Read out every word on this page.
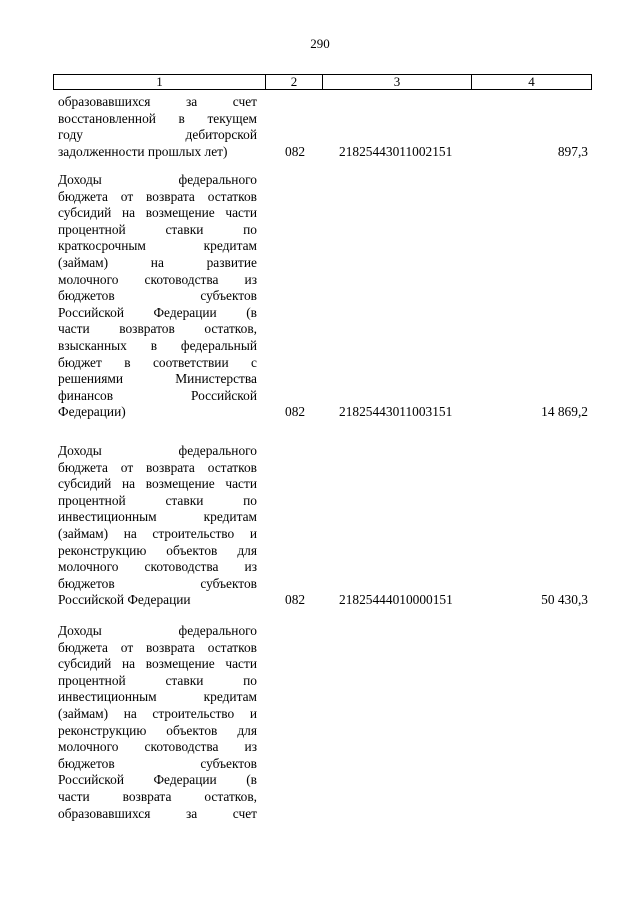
290
1	2	3	4
образовавшихся за счет
восстановленной в текущем
году дебиторской
задолженности прошлых лет)	082	21825443011002151	897,3
Доходы федерального
бюджета от возврата остатков
субсидий на возмещение части
процентной ставки по
краткосрочным кредитам
(займам) на развитие
молочного скотоводства из
бюджетов субъектов
Российской Федерации (в
части возвратов остатков,
взысканных в федеральный
бюджет в соответствии с
решениями Министерства
финансов Российской
Федерации)	082	21825443011003151	14 869,2
Доходы федерального
бюджета от возврата остатков
субсидий на возмещение части
процентной ставки по
инвестиционным кредитам
(займам) на строительство и
реконструкцию объектов для
молочного скотоводства из
бюджетов субъектов
Российской Федерации	082	21825444010000151	50 430,3
Доходы федерального
бюджета от возврата остатков
субсидий на возмещение части
процентной ставки по
инвестиционным кредитам
(займам) на строительство и
реконструкцию объектов для
молочного скотоводства из
бюджетов субъектов
Российской Федерации (в
части возврата остатков,
образовавшихся за счет
